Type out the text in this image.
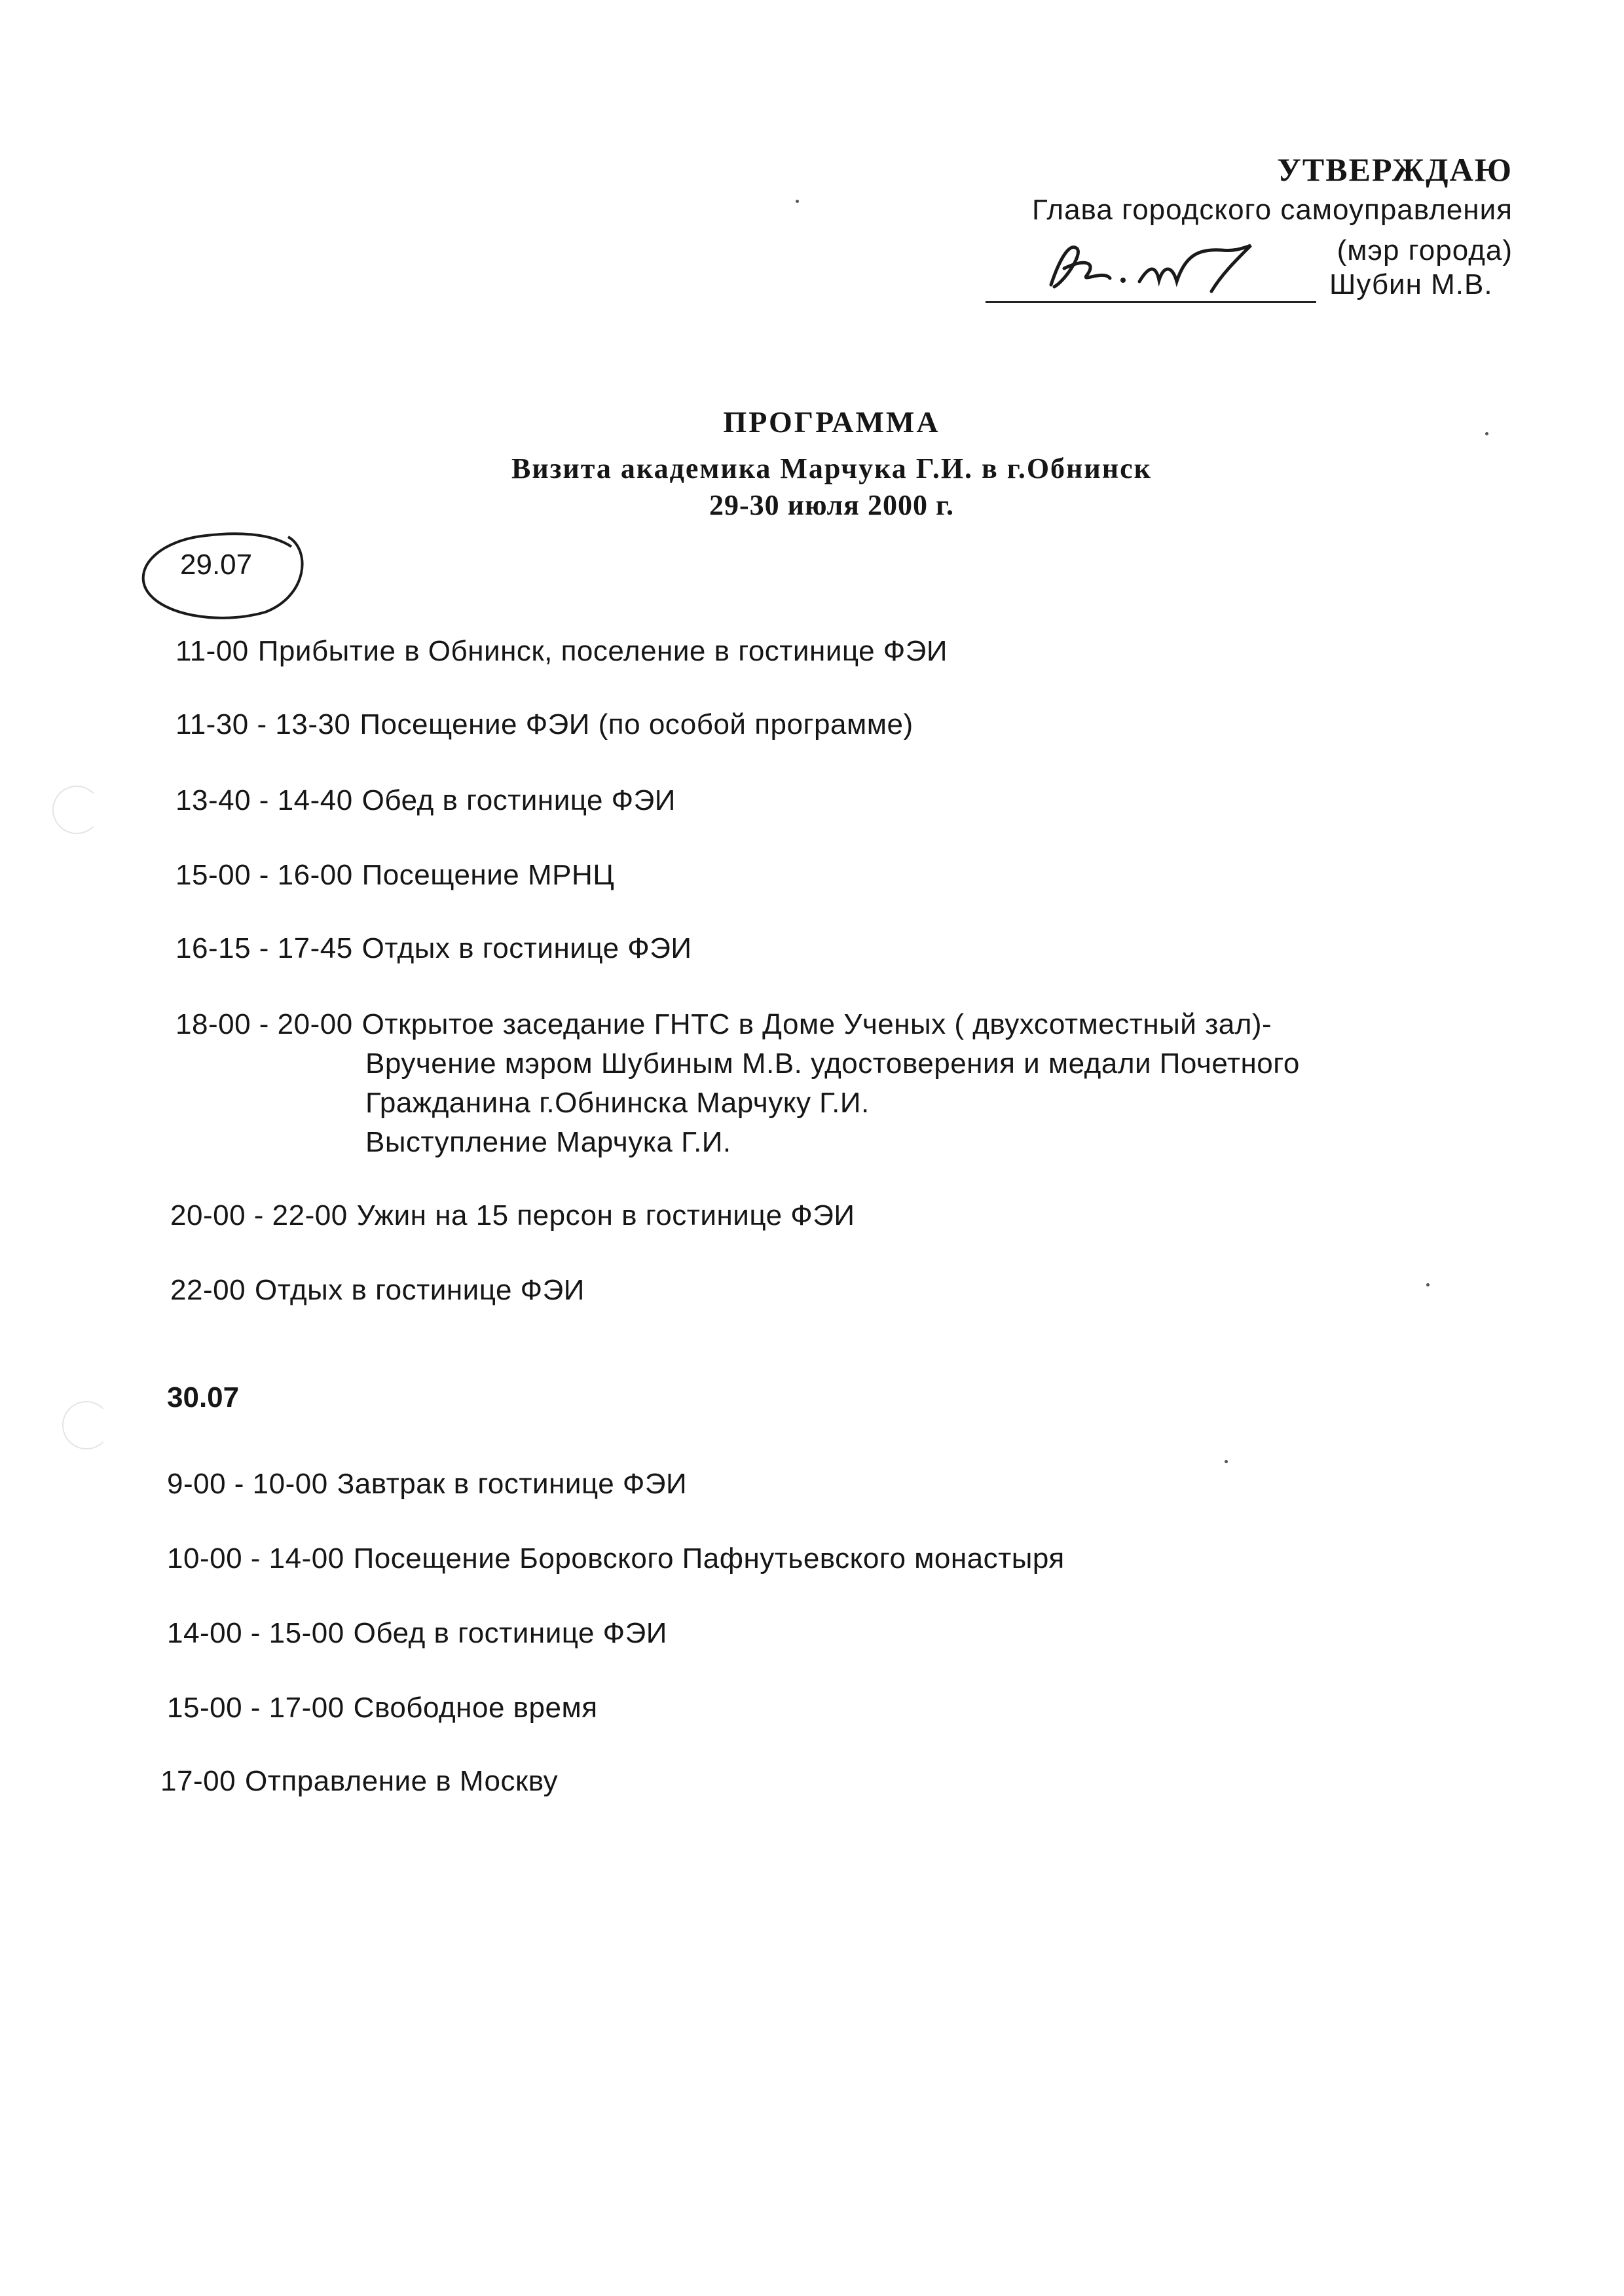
УТВЕРЖДАЮ
Глава городского самоуправления
(мэр города)
Шубин М.В.
ПРОГРАММА
Визита академика Марчука Г.И. в г.Обнинск
29-30 июля 2000 г.
29.07
11-00 Прибытие в Обнинск, поселение в гостинице ФЭИ
11-30 - 13-30 Посещение ФЭИ (по особой программе)
13-40 - 14-40 Обед в гостинице ФЭИ
15-00 - 16-00 Посещение МРНЦ
16-15 - 17-45 Отдых в гостинице ФЭИ
18-00 - 20-00 Открытое заседание ГНТС в Доме Ученых ( двухсотместный зал)-
Вручение мэром Шубиным М.В. удостоверения и медали Почетного
Гражданина г.Обнинска Марчуку Г.И.
Выступление Марчука Г.И.
20-00 - 22-00 Ужин на 15 персон в гостинице ФЭИ
22-00 Отдых в гостинице ФЭИ
30.07
9-00 - 10-00 Завтрак в гостинице ФЭИ
10-00 - 14-00 Посещение Боровского Пафнутьевского монастыря
14-00 - 15-00 Обед в гостинице ФЭИ
15-00 - 17-00 Свободное время
17-00 Отправление в Москву
